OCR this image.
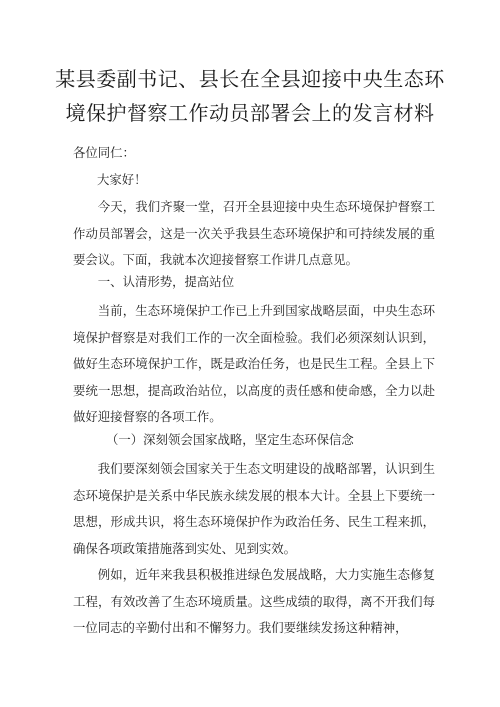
某县委副书记、县长在全县迎接中央生态环
境保护督察工作动员部署会上的发言材料
各位同仁：
大家好！
今天，我们齐聚一堂，召开全县迎接中央生态环境保护督察工作动员部署会，这是一次关乎我县生态环境保护和可持续发展的重要会议。下面，我就本次迎接督察工作讲几点意见。
一、认清形势，提高站位
当前，生态环境保护工作已上升到国家战略层面，中央生态环境保护督察是对我们工作的一次全面检验。我们必须深刻认识到，做好生态环境保护工作，既是政治任务，也是民生工程。全县上下要统一思想，提高政治站位，以高度的责任感和使命感，全力以赴做好迎接督察的各项工作。
（一）深刻领会国家战略，坚定生态环保信念
我们要深刻领会国家关于生态文明建设的战略部署，认识到生态环境保护是关系中华民族永续发展的根本大计。全县上下要统一思想，形成共识，将生态环境保护作为政治任务、民生工程来抓，确保各项政策措施落到实处、见到实效。
例如，近年来我县积极推进绿色发展战略，大力实施生态修复工程，有效改善了生态环境质量。这些成绩的取得，离不开我们每一位同志的辛勤付出和不懈努力。我们要继续发扬这种精神，
